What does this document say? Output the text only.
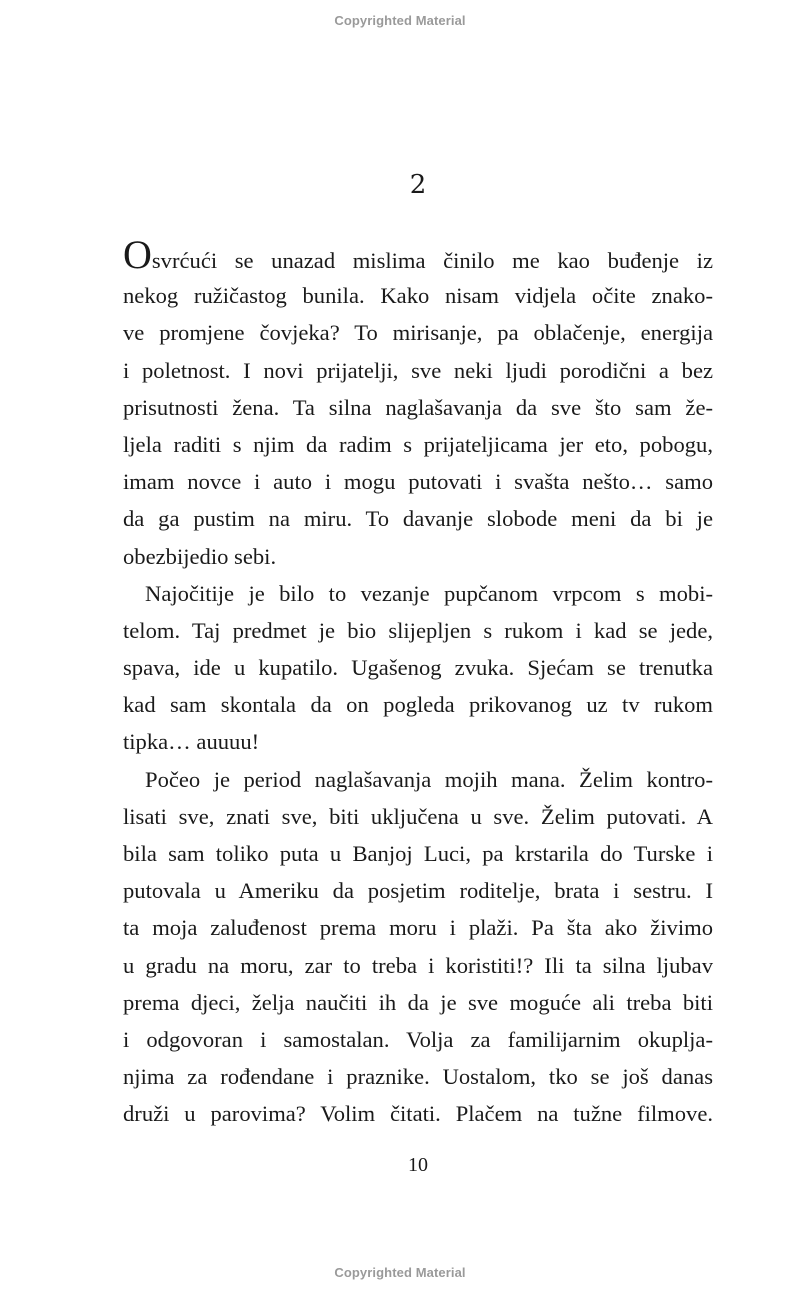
Copyrighted Material
2
Osvrćući se unazad mislima činilo me kao buđenje iz
nekog ružičastog bunila. Kako nisam vidjela očite znako-
ve promjene čovjeka? To mirisanje, pa oblačenje, energija
i poletnost. I novi prijatelji, sve neki ljudi porodični a bez
prisutnosti žena. Ta silna naglašavanja da sve što sam že-
ljela raditi s njim da radim s prijateljicama jer eto, pobogu,
imam novce i auto i mogu putovati i svašta nešto… samo
da ga pustim na miru. To davanje slobode meni da bi je
obezbijedio sebi.
Najočitije je bilo to vezanje pupčanom vrpcom s mobi-
telom. Taj predmet je bio slijepljen s rukom i kad se jede,
spava, ide u kupatilo. Ugašenog zvuka. Sjećam se trenutka
kad sam skontala da on pogleda prikovanog uz tv rukom
tipka… auuuu!
Počeo je period naglašavanja mojih mana. Želim kontro-
lisati sve, znati sve, biti uključena u sve. Želim putovati. A
bila sam toliko puta u Banjoj Luci, pa krstarila do Turske i
putovala u Ameriku da posjetim roditelje, brata i sestru. I
ta moja zaluđenost prema moru i plaži. Pa šta ako živimo
u gradu na moru, zar to treba i koristiti!? Ili ta silna ljubav
prema djeci, želja naučiti ih da je sve moguće ali treba biti
i odgovoran i samostalan. Volja za familijarnim okuplja-
njima za rođendane i praznike. Uostalom, tko se još danas
druži u parovima? Volim čitati. Plačem na tužne filmove.
10
Copyrighted Material
